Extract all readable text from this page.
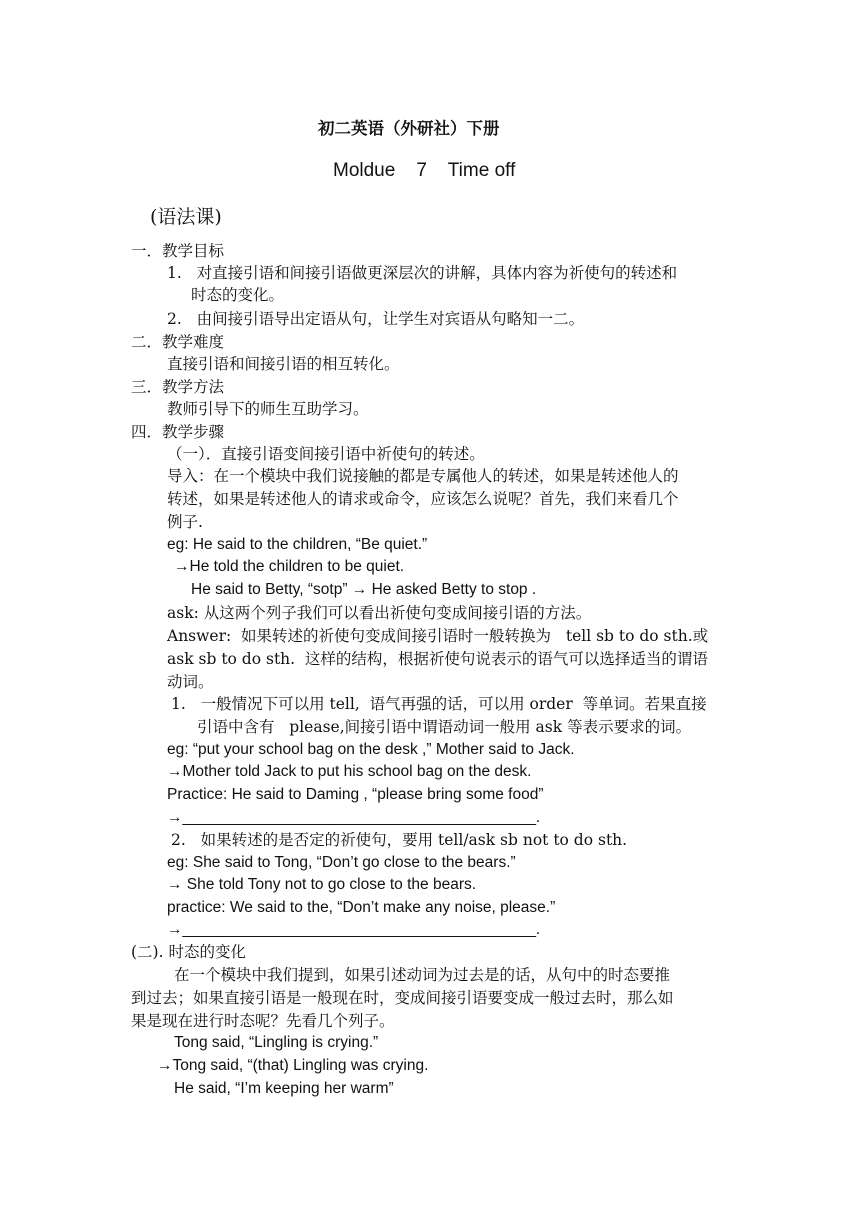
初二英语（外研社）下册
Moldue    7    Time off
(语法课)
一．教学目标
1.   对直接引语和间接引语做更深层次的讲解，具体内容为祈使句的转述和
时态的变化。
2.   由间接引语导出定语从句，让学生对宾语从句略知一二。
二．教学难度
直接引语和间接引语的相互转化。
三．教学方法
教师引导下的师生互助学习。
四．教学步骤
（一）．直接引语变间接引语中祈使句的转述。
导入：在一个模块中我们说接触的都是专属他人的转述，如果是转述他人的
转述，如果是转述他人的请求或命令，应该怎么说呢？首先，我们来看几个
例子.
eg: He said to the children, “Be quiet.”
→He told the children to be quiet.
He said to Betty, “sotp” → He asked Betty to stop .
ask: 从这两个列子我们可以看出祈使句变成间接引语的方法。
Answer:  如果转述的祈使句变成间接引语时一般转换为   tell sb to do sth.或
ask sb to do sth.  这样的结构，根据祈使句说表示的语气可以选择适当的谓语
动词。
1.   一般情况下可以用 tell,  语气再强的话，可以用 order  等单词。若果直接
引语中含有   please,间接引语中谓语动词一般用 ask 等表示要求的词。
eg: “put your school bag on the desk ,” Mother said to Jack.
→Mother told Jack to put his school bag on the desk.
Practice: He said to Daming , “please bring some food”
→_________________________________________.
2.   如果转述的是否定的祈使句，要用 tell/ask sb not to do sth.
eg: She said to Tong, “Don’t go close to the bears.”
→ She told Tony not to go close to the bears.
practice: We said to the, “Don’t make any noise, please.”
→_________________________________________.
(二). 时态的变化
在一个模块中我们提到，如果引述动词为过去是的话，从句中的时态要推
到过去；如果直接引语是一般现在时，变成间接引语要变成一般过去时，那么如
果是现在进行时态呢？先看几个列子。
Tong said, “Lingling is crying.”
→Tong said, “(that) Lingling was crying.
He said, “I’m keeping her warm”
